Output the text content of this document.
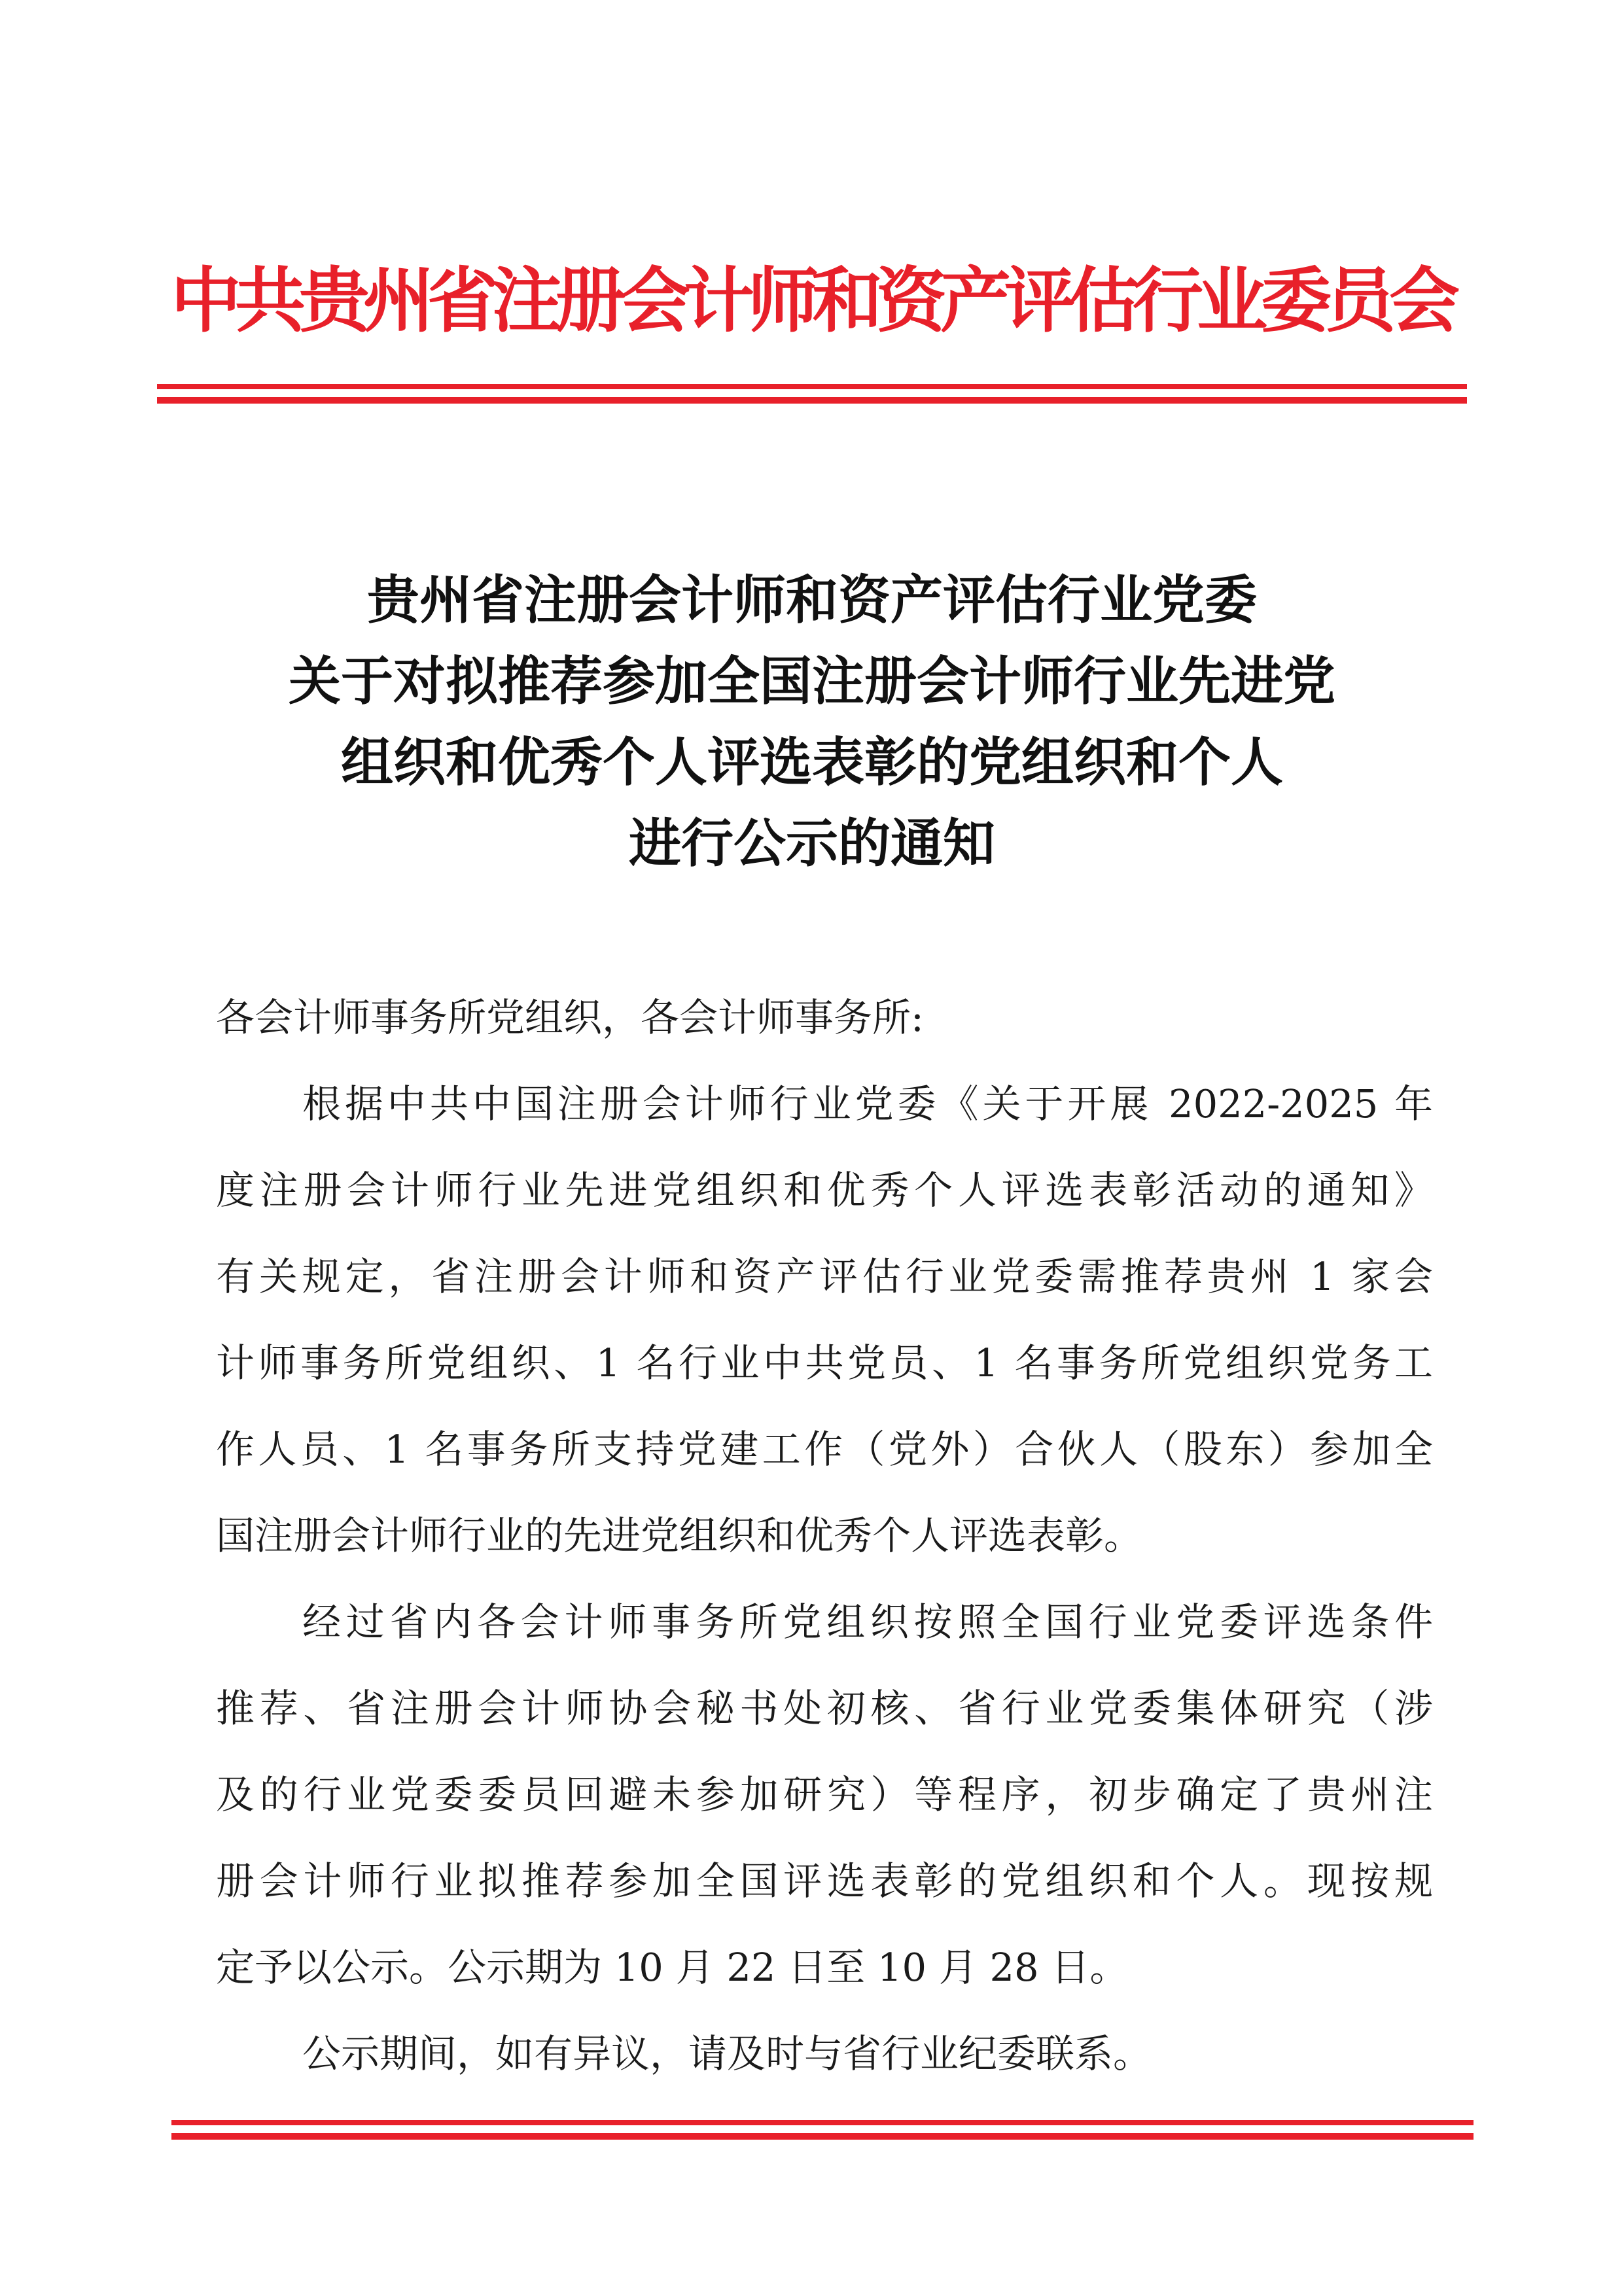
中共贵州省注册会计师和资产评估行业委员会
贵州省注册会计师和资产评估行业党委
关于对拟推荐参加全国注册会计师行业先进党
组织和优秀个人评选表彰的党组织和个人
进行公示的通知
各会计师事务所党组织，各会计师事务所:
根据中共中国注册会计师行业党委《关于开展 2022-2025 年
度注册会计师行业先进党组织和优秀个人评选表彰活动的通知》
有关规定，省注册会计师和资产评估行业党委需推荐贵州 1 家会
计师事务所党组织、1 名行业中共党员、1 名事务所党组织党务工
作人员、1 名事务所支持党建工作（党外）合伙人（股东）参加全
国注册会计师行业的先进党组织和优秀个人评选表彰。
经过省内各会计师事务所党组织按照全国行业党委评选条件
推荐、省注册会计师协会秘书处初核、省行业党委集体研究（涉
及的行业党委委员回避未参加研究）等程序，初步确定了贵州注
册会计师行业拟推荐参加全国评选表彰的党组织和个人。现按规
定予以公示。公示期为 10 月 22 日至 10 月 28 日。
公示期间，如有异议，请及时与省行业纪委联系。
